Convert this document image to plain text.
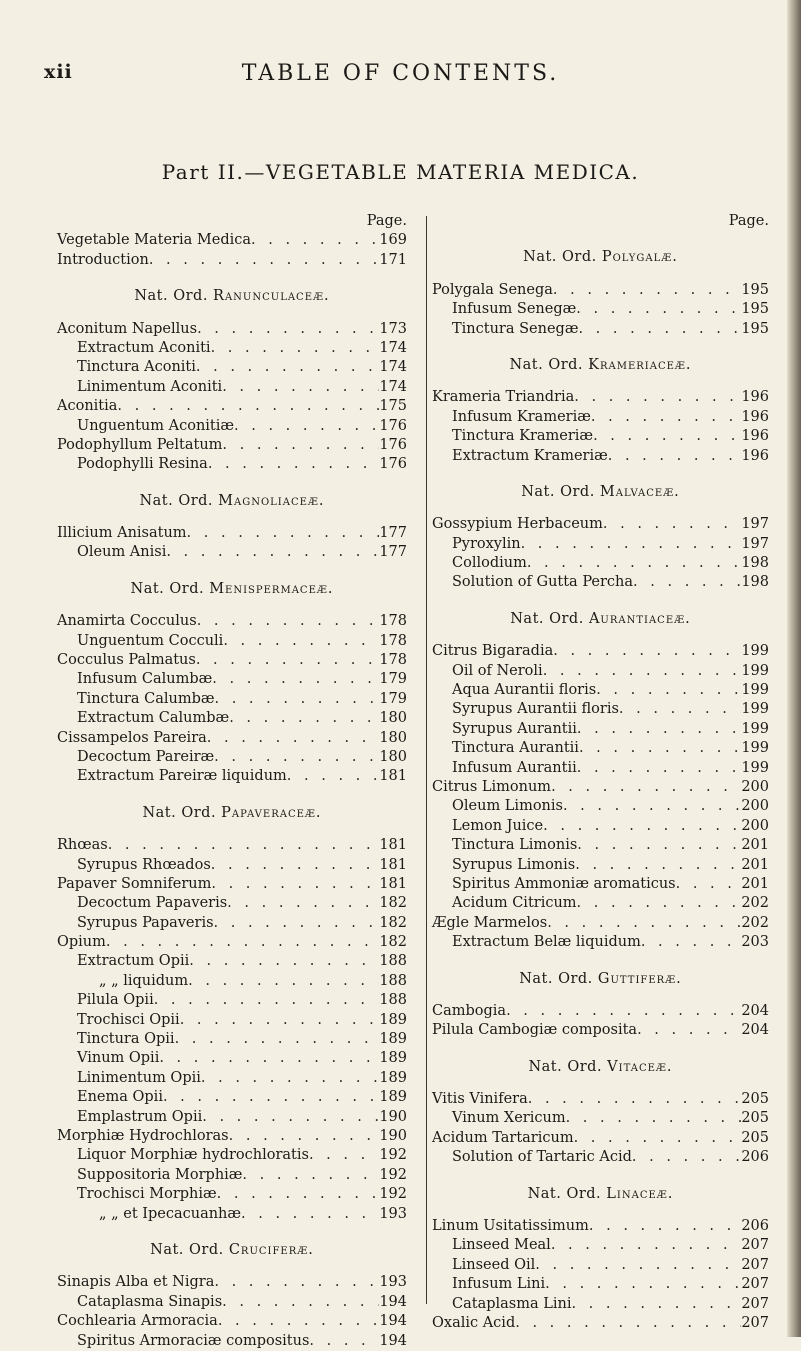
xii	TABLE OF CONTENTS.
Part II.—VEGETABLE MATERIA MEDICA.
Page.
Vegetable Materia Medica . . .	169
Introduction . . .	171
Nat. Ord. Ranunculaceæ.
Aconitum Napellus . . .	173
Extractum Aconiti . . .	174
Tinctura Aconiti . . .	174
Linimentum Aconiti . . .	174
Aconitia . . .	175
Unguentum Aconitiæ . . .	176
Podophyllum Peltatum . . .	176
Podophylli Resina . . .	176
Nat. Ord. Magnoliaceæ.
Illicium Anisatum . . .	177
Oleum Anisi . . .	177
Nat. Ord. Menispermaceæ.
Anamirta Cocculus . . .	178
Unguentum Cocculi . . .	178
Cocculus Palmatus . . .	178
Infusum Calumbæ . . .	179
Tinctura Calumbæ . . .	179
Extractum Calumbæ . . .	180
Cissampelos Pareira . . .	180
Decoctum Pareiræ . . .	180
Extractum Pareiræ liquidum . . .	181
Nat. Ord. Papaveraceæ.
Rhœas . . .	181
Syrupus Rhœados . . .	181
Papaver Somniferum . . .	181
Decoctum Papaveris . . .	182
Syrupus Papaveris . . .	182
Opium . . .	182
Extractum Opii . . .	188
„ „ liquidum . . .	188
Pilula Opii . . .	188
Trochisci Opii . . .	189
Tinctura Opii . . .	189
Vinum Opii . . .	189
Linimentum Opii . . .	189
Enema Opii . . .	189
Emplastrum Opii . . .	190
Morphiæ Hydrochloras . . .	190
Liquor Morphiæ hydrochloratis . . .	192
Suppositoria Morphiæ . . .	192
Trochisci Morphiæ . . .	192
„ „ et Ipecacuanhæ . . .	193
Nat. Ord. Cruciferæ.
Sinapis Alba et Nigra . . .	193
Cataplasma Sinapis . . .	194
Cochlearia Armoracia . . .	194
Spiritus Armoraciæ compositus . . .	194
Page.
Nat. Ord. Polygalæ.
Polygala Senega . . .	195
Infusum Senegæ . . .	195
Tinctura Senegæ . . .	195
Nat. Ord. Krameriaceæ.
Krameria Triandria . . .	196
Infusum Krameriæ . . .	196
Tinctura Krameriæ . . .	196
Extractum Krameriæ . . .	196
Nat. Ord. Malvaceæ.
Gossypium Herbaceum . . .	197
Pyroxylin . . .	197
Collodium . . .	198
Solution of Gutta Percha . . .	198
Nat. Ord. Aurantiaceæ.
Citrus Bigaradia . . .	199
Oil of Neroli . . .	199
Aqua Aurantii floris . . .	199
Syrupus Aurantii floris . . .	199
Syrupus Aurantii . . .	199
Tinctura Aurantii . . .	199
Infusum Aurantii . . .	199
Citrus Limonum . . .	200
Oleum Limonis . . .	200
Lemon Juice . . .	200
Tinctura Limonis . . .	201
Syrupus Limonis . . .	201
Spiritus Ammoniæ aromaticus . . .	201
Acidum Citricum . . .	202
Ægle Marmelos . . .	202
Extractum Belæ liquidum . . .	203
Nat. Ord. Guttiferæ.
Cambogia . . .	204
Pilula Cambogiæ composita . . .	204
Nat. Ord. Vitaceæ.
Vitis Vinifera . . .	205
Vinum Xericum . . .	205
Acidum Tartaricum . . .	205
Solution of Tartaric Acid . . .	206
Nat. Ord. Linaceæ.
Linum Usitatissimum . . .	206
Linseed Meal . . .	207
Linseed Oil . . .	207
Infusum Lini . . .	207
Cataplasma Lini . . .	207
Oxalic Acid . . .	207
